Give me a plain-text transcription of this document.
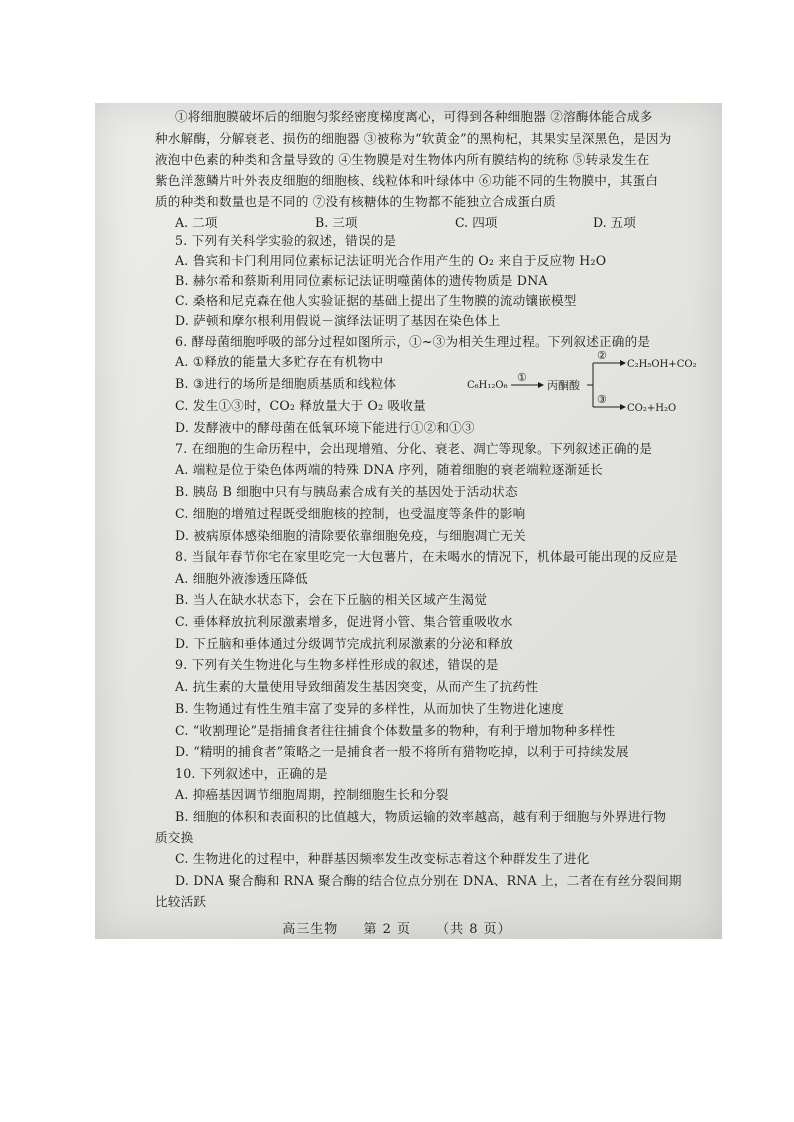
①将细胞膜破坏后的细胞匀浆经密度梯度离心，可得到各种细胞器 ②溶酶体能合成多
种水解酶，分解衰老、损伤的细胞器 ③被称为“软黄金”的黑枸杞，其果实呈深黑色，是因为
液泡中色素的种类和含量导致的 ④生物膜是对生物体内所有膜结构的统称 ⑤转录发生在
紫色洋葱鳞片叶外表皮细胞的细胞核、线粒体和叶绿体中 ⑥功能不同的生物膜中，其蛋白
质的种类和数量也是不同的 ⑦没有核糖体的生物都不能独立合成蛋白质
A. 二项	B. 三项	C. 四项	D. 五项
5. 下列有关科学实验的叙述，错误的是
A. 鲁宾和卡门利用同位素标记法证明光合作用产生的 O₂ 来自于反应物 H₂O
B. 赫尔希和蔡斯利用同位素标记法证明噬菌体的遗传物质是 DNA
C. 桑格和尼克森在他人实验证据的基础上提出了生物膜的流动镶嵌模型
D. 萨顿和摩尔根利用假说－演绎法证明了基因在染色体上
6. 酵母菌细胞呼吸的部分过程如图所示，①~③为相关生理过程。下列叙述正确的是
A. ①释放的能量大多贮存在有机物中
B. ③进行的场所是细胞质基质和线粒体
C. 发生①③时，CO₂ 释放量大于 O₂ 吸收量
D. 发酵液中的酵母菌在低氧环境下能进行①②和①③
C₆H₁₂O₆
①
丙酮酸
②
C₂H₅OH+CO₂
③
CO₂+H₂O
7. 在细胞的生命历程中，会出现增殖、分化、衰老、凋亡等现象。下列叙述正确的是
A. 端粒是位于染色体两端的特殊 DNA 序列，随着细胞的衰老端粒逐渐延长
B. 胰岛 B 细胞中只有与胰岛素合成有关的基因处于活动状态
C. 细胞的增殖过程既受细胞核的控制，也受温度等条件的影响
D. 被病原体感染细胞的清除要依靠细胞免疫，与细胞凋亡无关
8. 当鼠年春节你宅在家里吃完一大包薯片，在未喝水的情况下，机体最可能出现的反应是
A. 细胞外液渗透压降低
B. 当人在缺水状态下，会在下丘脑的相关区域产生渴觉
C. 垂体释放抗利尿激素增多，促进肾小管、集合管重吸收水
D. 下丘脑和垂体通过分级调节完成抗利尿激素的分泌和释放
9. 下列有关生物进化与生物多样性形成的叙述，错误的是
A. 抗生素的大量使用导致细菌发生基因突变，从而产生了抗药性
B. 生物通过有性生殖丰富了变异的多样性，从而加快了生物进化速度
C. “收割理论”是指捕食者往往捕食个体数量多的物种，有利于增加物种多样性
D. “精明的捕食者”策略之一是捕食者一般不将所有猎物吃掉，以利于可持续发展
10. 下列叙述中，正确的是
A. 抑癌基因调节细胞周期，控制细胞生长和分裂
B. 细胞的体积和表面积的比值越大，物质运输的效率越高，越有利于细胞与外界进行物
质交换
C. 生物进化的过程中，种群基因频率发生改变标志着这个种群发生了进化
D. DNA 聚合酶和 RNA 聚合酶的结合位点分别在 DNA、RNA 上，二者在有丝分裂间期
比较活跃
高三生物 第 2 页 （共 8 页）
